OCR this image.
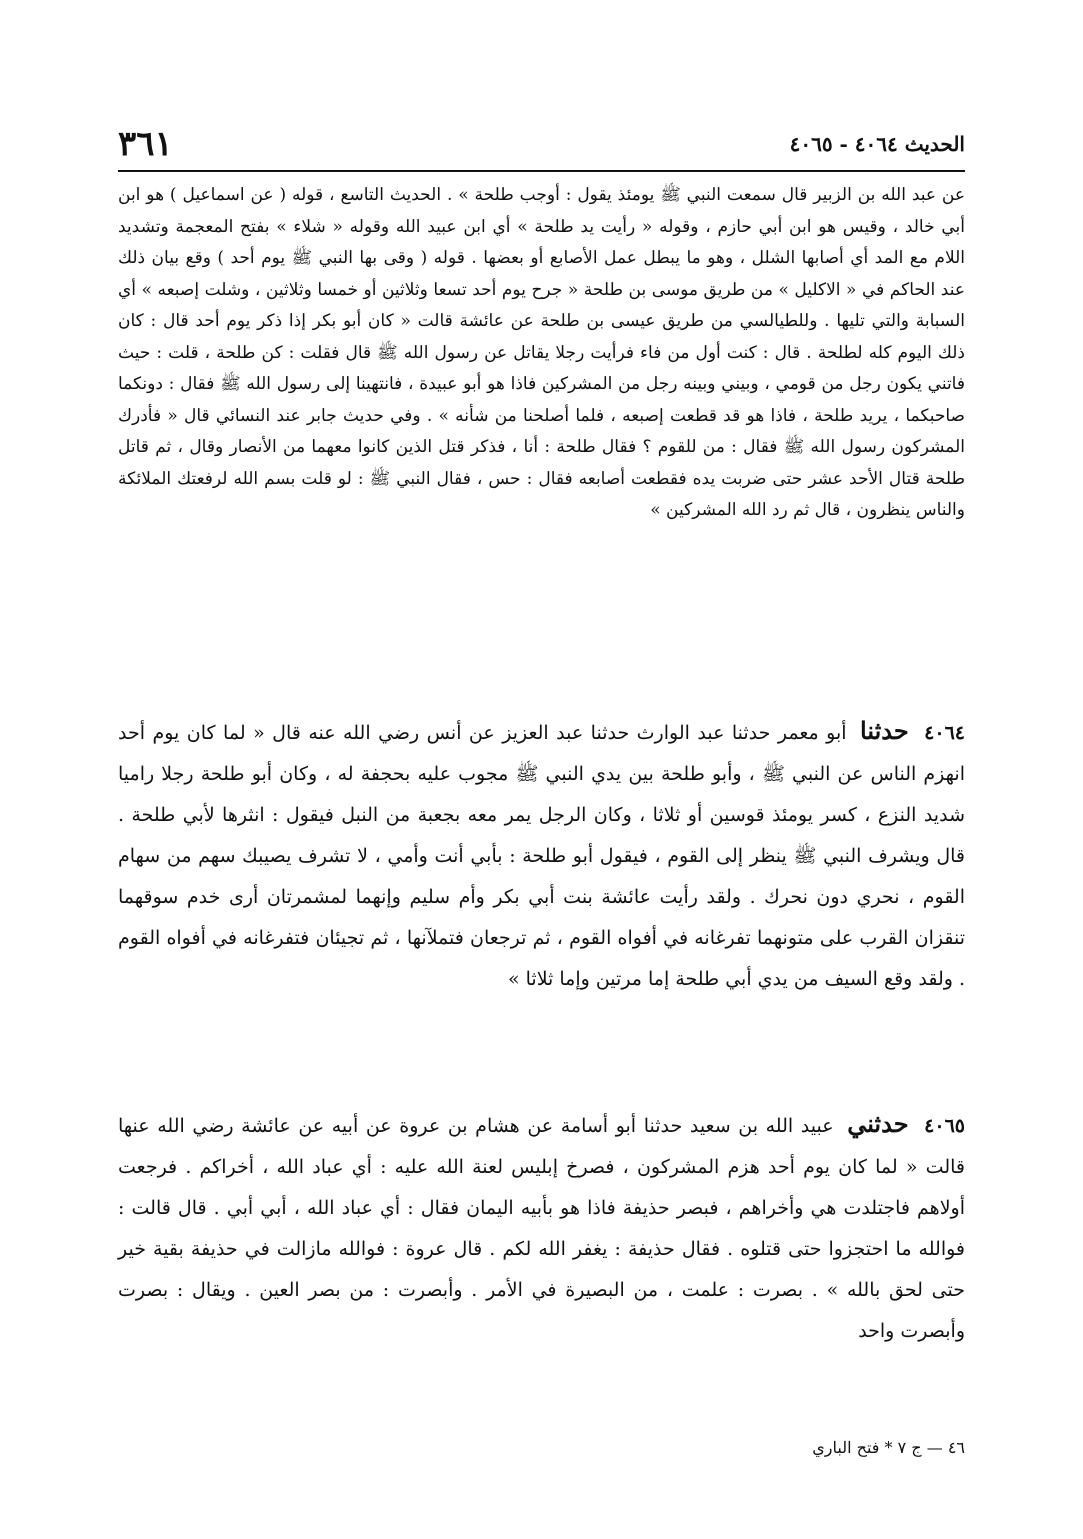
الحديث ٤٠٦٤ - ٤٠٦٥
٣٦١
عن عبد الله بن الزبير قال سمعت النبي ﷺ يومئذ يقول : أوجب طلحة » . الحديث التاسع ، قوله ( عن اسماعيل ) هو ابن أبي خالد ، وقيس هو ابن أبي حازم ، وقوله « رأيت يد طلحة » أي ابن عبيد الله وقوله « شلاء » بفتح المعجمة وتشديد اللام مع المد أي أصابها الشلل ، وهو ما يبطل عمل الأصابع أو بعضها . قوله ( وقى بها النبي ﷺ يوم أحد ) وقع بيان ذلك عند الحاكم في « الاكليل » من طريق موسى بن طلحة « جرح يوم أحد تسعا وثلاثين أو خمسا وثلاثين ، وشلت إصبعه » أي السبابة والتي تليها . وللطيالسي من طريق عيسى بن طلحة عن عائشة قالت « كان أبو بكر إذا ذكر يوم أحد قال : كان ذلك اليوم كله لطلحة . قال : كنت أول من فاء فرأيت رجلا يقاتل عن رسول الله ﷺ قال فقلت : كن طلحة ، قلت : حيث فاتني يكون رجل من قومي ، وبيني وبينه رجل من المشركين فاذا هو أبو عبيدة ، فانتهينا إلى رسول الله ﷺ فقال : دونكما صاحبكما ، يريد طلحة ، فاذا هو قد قطعت إصبعه ، فلما أصلحنا من شأنه » . وفي حديث جابر عند النسائي قال « فأدرك المشركون رسول الله ﷺ فقال : من للقوم ؟ فقال طلحة : أنا ، فذكر قتل الذين كانوا معهما من الأنصار وقال ، ثم قاتل طلحة قتال الأحد عشر حتى ضربت يده فقطعت أصابعه فقال : حس ، فقال النبي ﷺ : لو قلت بسم الله لرفعتك الملائكة والناس ينظرون ، قال ثم رد الله المشركين »
٤٠٦٤ حدثنا أبو معمر حدثنا عبد الوارث حدثنا عبد العزيز عن أنس رضي الله عنه قال « لما كان يوم أحد انهزم الناس عن النبي ﷺ ، وأبو طلحة بين يدي النبي ﷺ مجوب عليه بحجفة له ، وكان أبو طلحة رجلا راميا شديد النزع ، كسر يومئذ قوسين أو ثلاثا ، وكان الرجل يمر معه بجعبة من النبل فيقول : انثرها لأبي طلحة . قال ويشرف النبي ﷺ ينظر إلى القوم ، فيقول أبو طلحة : بأبي أنت وأمي ، لا تشرف يصيبك سهم من سهام القوم ، نحري دون نحرك . ولقد رأيت عائشة بنت أبي بكر وأم سليم وإنهما لمشمرتان أرى خدم سوقهما تنقزان القرب على متونهما تفرغانه في أفواه القوم ، ثم ترجعان فتملآنها ، ثم تجيئان فتفرغانه في أفواه القوم . ولقد وقع السيف من يدي أبي طلحة إما مرتين وإما ثلاثا »
٤٠٦٥ حدثني عبيد الله بن سعيد حدثنا أبو أسامة عن هشام بن عروة عن أبيه عن عائشة رضي الله عنها قالت « لما كان يوم أحد هزم المشركون ، فصرخ إبليس لعنة الله عليه : أي عباد الله ، أخراكم . فرجعت أولاهم فاجتلدت هي وأخراهم ، فبصر حذيفة فاذا هو بأبيه اليمان فقال : أي عباد الله ، أبي أبي . قال قالت : فوالله ما احتجزوا حتى قتلوه . فقال حذيفة : يغفر الله لكم . قال عروة : فوالله مازالت في حذيفة بقية خير حتى لحق بالله » . بصرت : علمت ، من البصيرة في الأمر . وأبصرت : من بصر العين . ويقال : بصرت وأبصرت واحد
٤٦ — ج ٧ * فتح الباري
